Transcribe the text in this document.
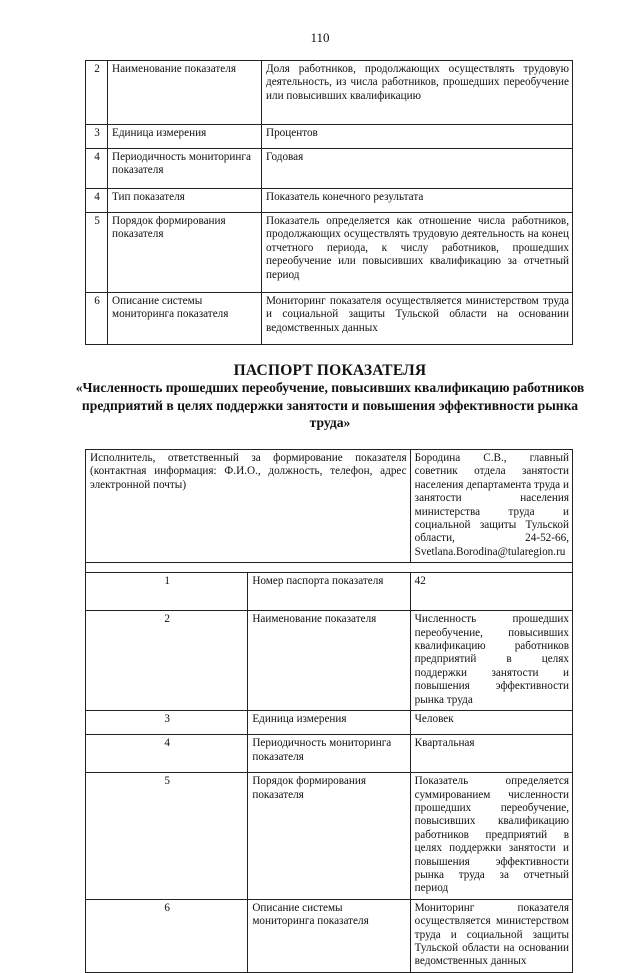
110
2	Наименование показателя	Доля работников, продолжающих осуществлять трудовую деятельность, из числа работников, прошедших переобучение или повысивших квалификацию
3	Единица измерения	Процентов
4	Периодичность мониторинга показателя	Годовая
4	Тип показателя	Показатель конечного результата
5	Порядок формирования показателя	Показатель определяется как отношение числа работников, продолжающих осуществлять трудовую деятельность на конец отчетного периода, к числу работников, прошедших переобучение или повысивших квалификацию за отчетный период
6	Описание системы мониторинга показателя	Мониторинг показателя осуществляется министерством труда и социальной защиты Тульской области на основании ведомственных данных
ПАСПОРТ ПОКАЗАТЕЛЯ
«Численность прошедших переобучение, повысивших квалификацию работников предприятий в целях поддержки занятости и повышения эффективности рынка труда»
Исполнитель, ответственный за формирование показателя (контактная информация: Ф.И.О., должность, телефон, адрес электронной почты)		Бородина С.В., главный советник отдела занятости населения департамента труда и занятости населения министерства труда и социальной защиты Тульской области, 24-52-66, Svetlana.Borodina@tularegion.ru

1	Номер паспорта показателя	42
2	Наименование показателя	Численность прошедших переобучение, повысивших квалификацию работников предприятий в целях поддержки занятости и повышения эффективности рынка труда
3	Единица измерения	Человек
4	Периодичность мониторинга показателя	Квартальная
5	Порядок формирования показателя	Показатель определяется суммированием численности прошедших переобучение, повысивших квалификацию работников предприятий в целях поддержки занятости и повышения эффективности рынка труда за отчетный период
6	Описание системы мониторинга показателя	Мониторинг показателя осуществляется министерством труда и социальной защиты Тульской области на основании ведомственных данных
